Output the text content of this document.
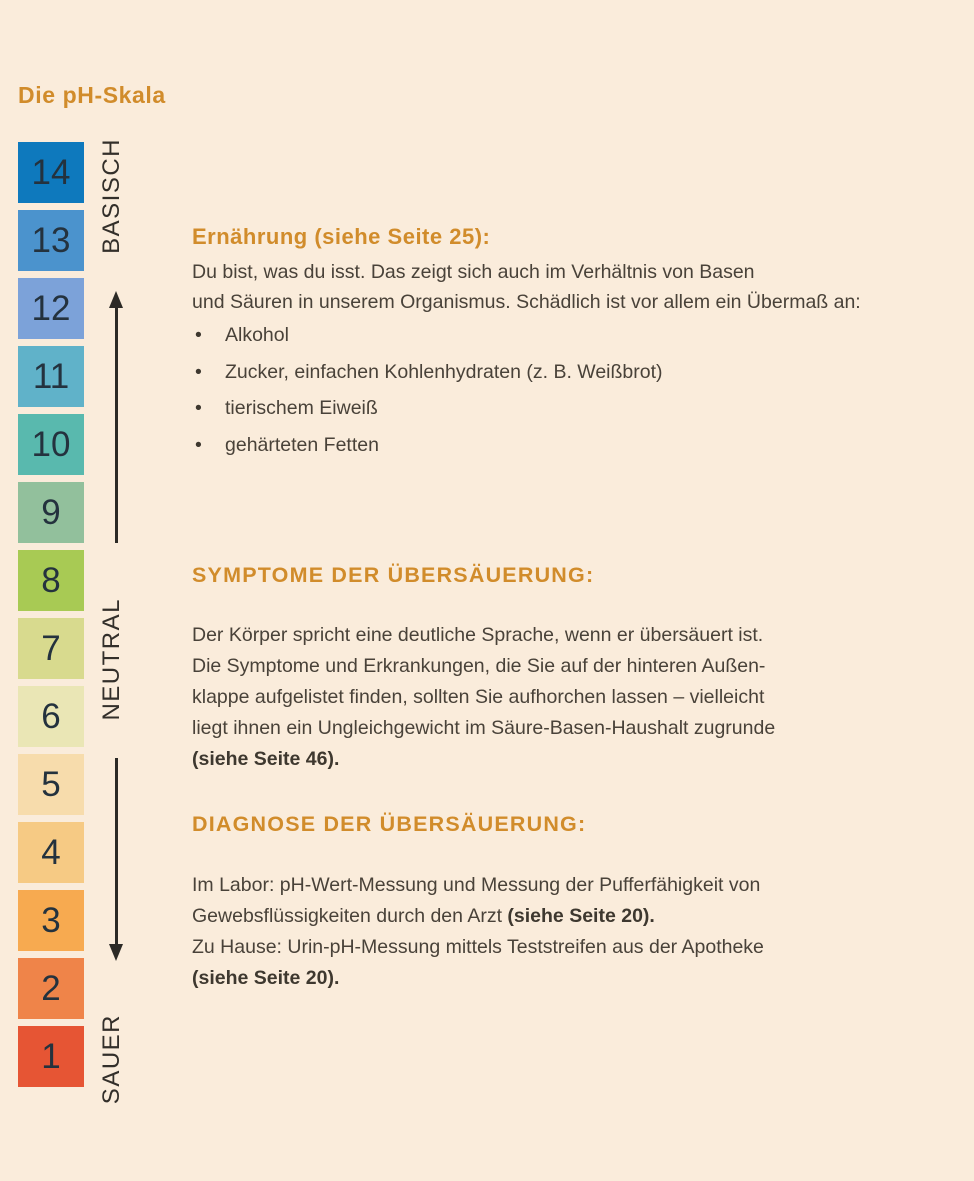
Die pH-Skala
14
13
12
11
10
9
8
7
6
5
4
3
2
1
BASISCH
NEUTRAL
SAUER
Ernährung (siehe Seite 25):
Du bist, was du isst. Das zeigt sich auch im Verhältnis von Basen
und Säuren in unserem Organismus. Schädlich ist vor allem ein Übermaß an:
•	Alkohol
•	Zucker, einfachen Kohlenhydraten (z. B. Weißbrot)
•	tierischem Eiweiß
•	gehärteten Fetten
SYMPTOME DER ÜBERSÄUERUNG:
Der Körper spricht eine deutliche Sprache, wenn er übersäuert ist.
Die Symptome und Erkrankungen, die Sie auf der hinteren Außen-
klappe aufgelistet finden, sollten Sie aufhorchen lassen – vielleicht
liegt ihnen ein Ungleichgewicht im Säure-Basen-Haushalt zugrunde
(siehe Seite 46).
DIAGNOSE DER ÜBERSÄUERUNG:
Im Labor: pH-Wert-Messung und Messung der Pufferfähigkeit von
Gewebsflüssigkeiten durch den Arzt (siehe Seite 20).
Zu Hause: Urin-pH-Messung mittels Teststreifen aus der Apotheke
(siehe Seite 20).
